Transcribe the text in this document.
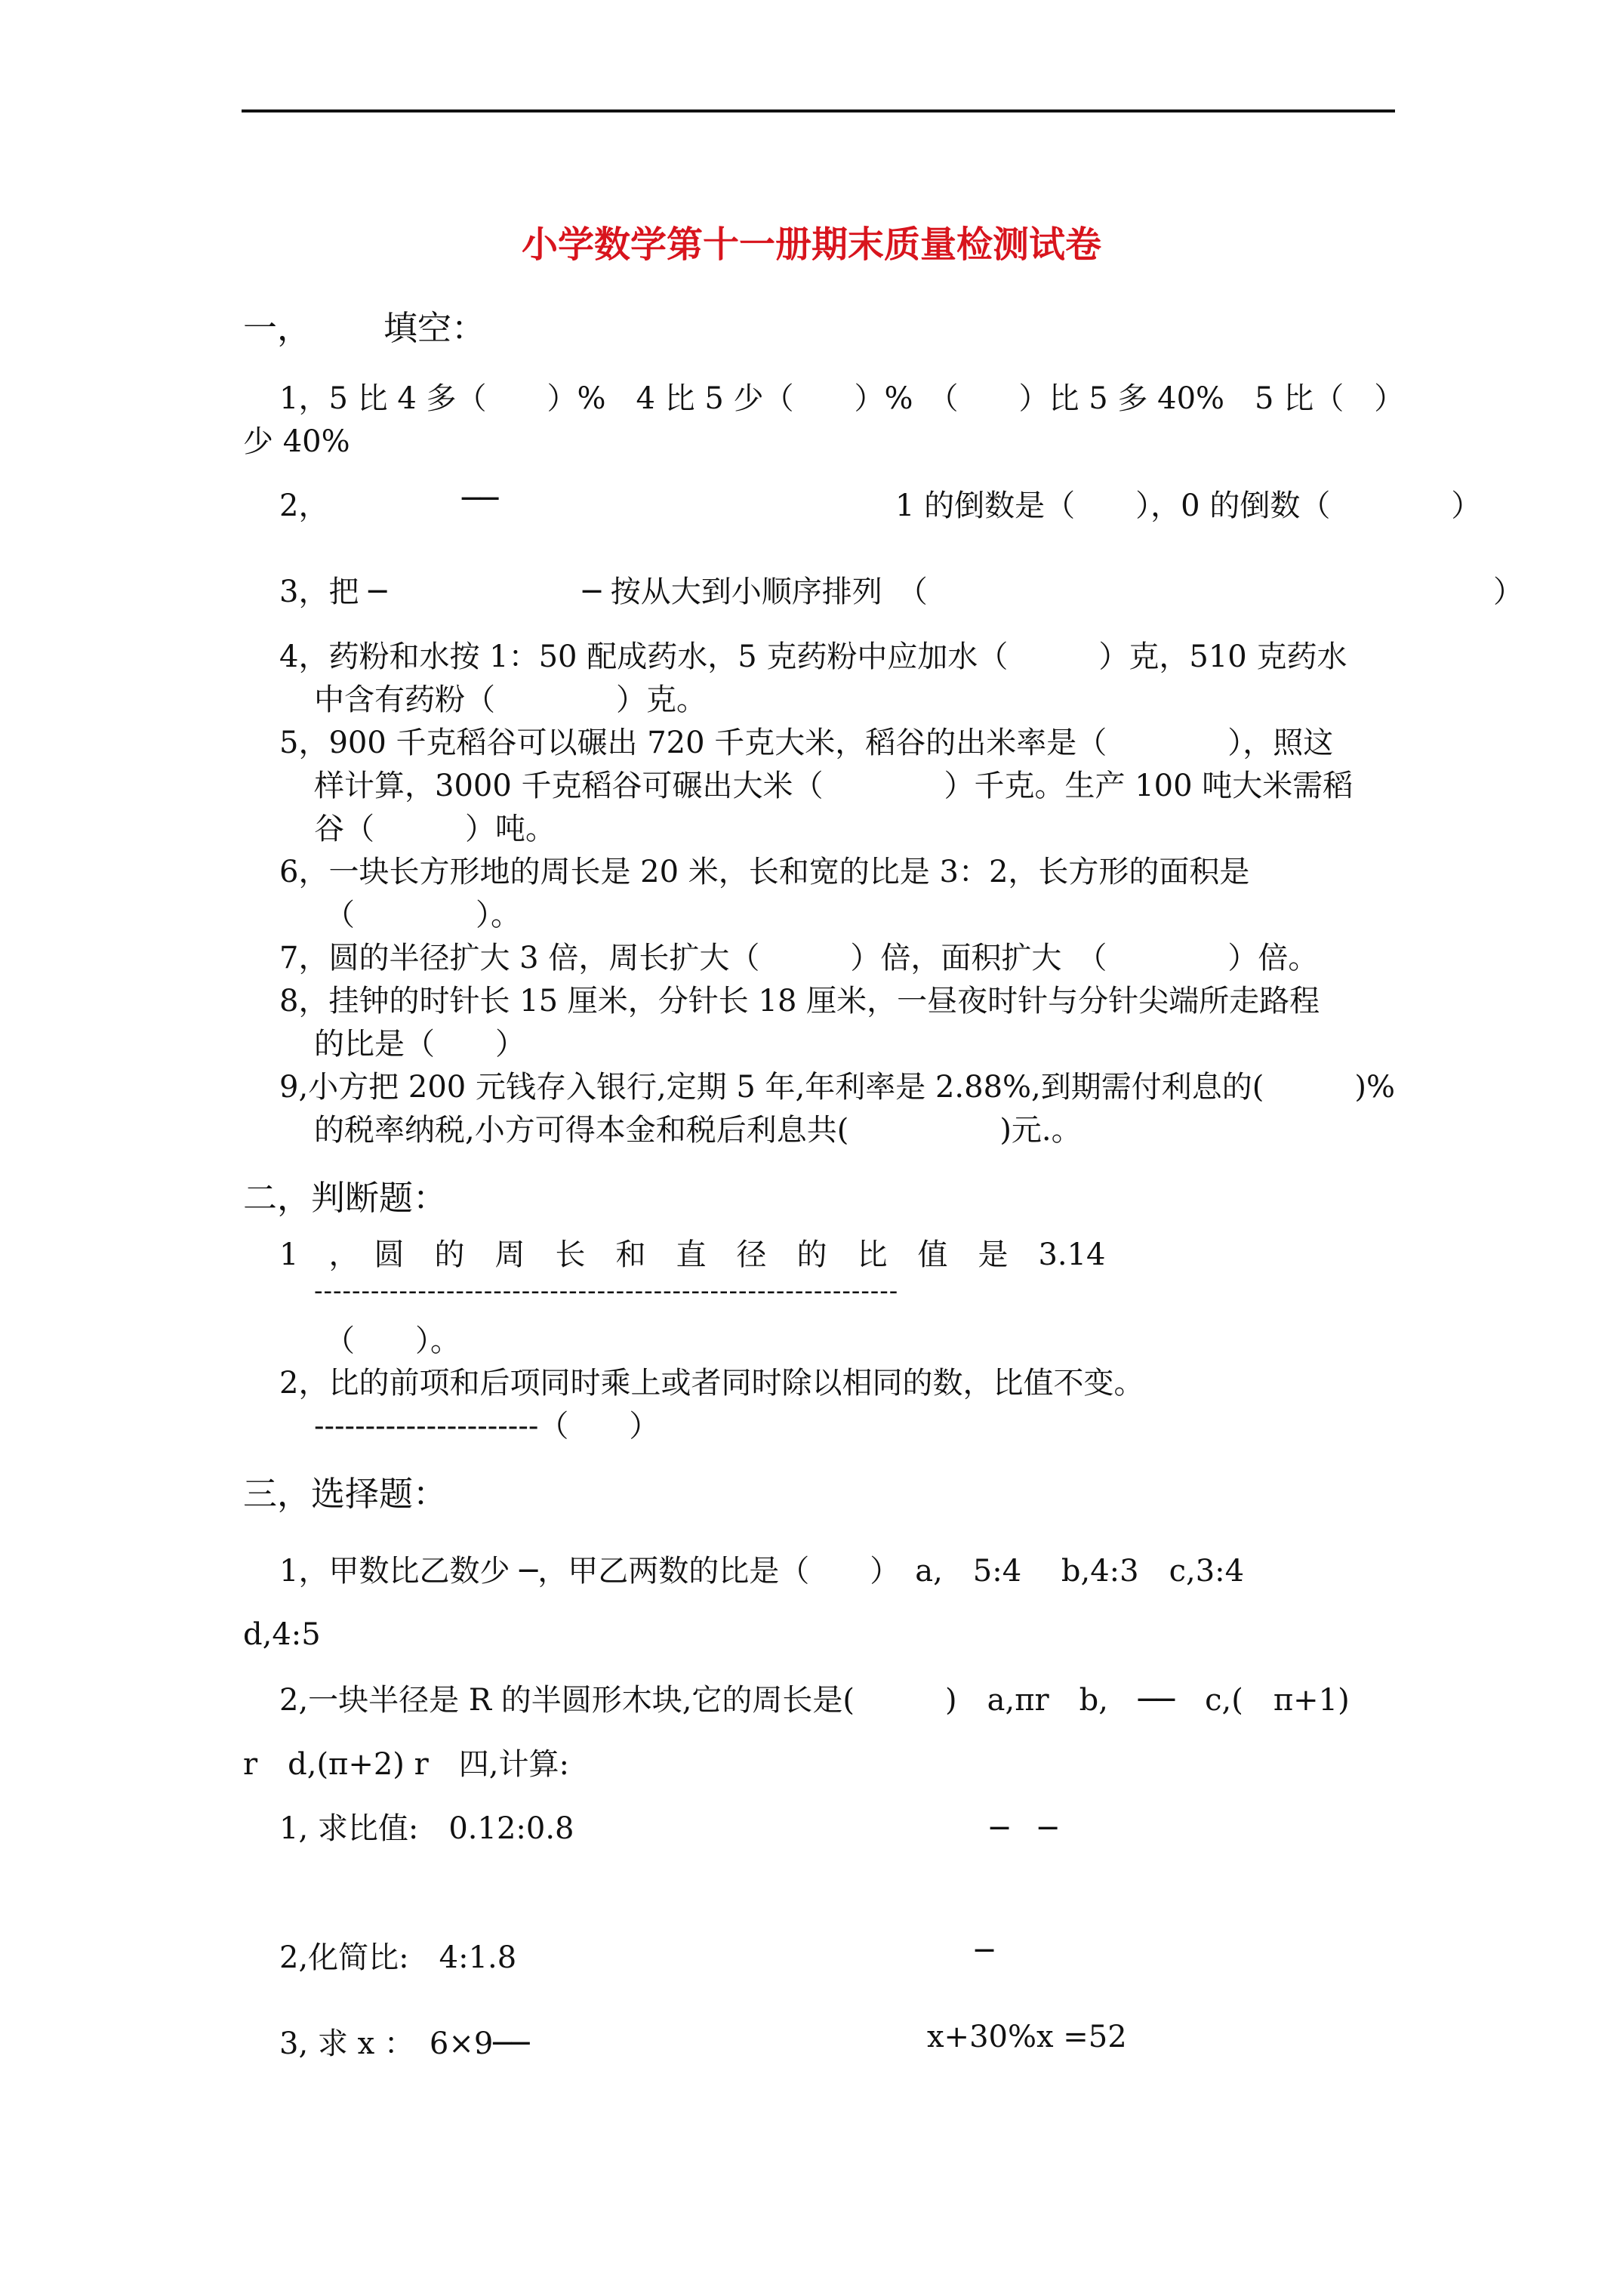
小学数学第十一册期末质量检测试卷
一， 填空：
1，5 比 4 多（　　）%　4 比 5 少（　　）%　（　　）比 5 多 40%　5 比（　）
少 40%
2，	──	1 的倒数是（　　），0 的倒数（　　　　）
3，把 ─	─ 按从大到小顺序排列　（	）
4，药粉和水按 1：50 配成药水，5 克药粉中应加水（　　　）克，510 克药水
中含有药粉（　　　　）克。
5，900 千克稻谷可以碾出 720 千克大米，稻谷的出米率是（　　　　），照这
样计算，3000 千克稻谷可碾出大米（　　　　）千克。生产 100 吨大米需稻
谷（　　　）吨。
6，一块长方形地的周长是 20 米，长和宽的比是 3：2，长方形的面积是
（　　　　）。
7，圆的半径扩大 3 倍，周长扩大（　　　）倍，面积扩大　（　　　　）倍。
8，挂钟的时针长 15 厘米，分针长 18 厘米，一昼夜时针与分针尖端所走路程
的比是（　　）
9,小方把 200 元钱存入银行,定期 5 年,年利率是 2.88%,到期需付利息的(　　　)%
的税率纳税,小方可得本金和税后利息共(　　　　　)元.。
二，判断题：
1　，　圆　的　周　长　和　直　径　的　比　值　是　3.14
--------------------------------------------------------------
（　　）。
2，比的前项和后项同时乘上或者同时除以相同的数，比值不变。
----------------------（　　）
三，选择题：
1，甲数比乙数少 ─，甲乙两数的比是（　　）　a,　5:4　 b,4:3　c,3:4
d,4:5
2,一块半径是 R 的半圆形木块,它的周长是(　　　)　a,πr　b,　──　c,(　π+1)
r　d,(π+2) r　四,计算:
1, 求比值:　0.12:0.8	─　─
2,化简比:　4:1.8	─
3, 求 x ：　6×9──	x+30%x =52
